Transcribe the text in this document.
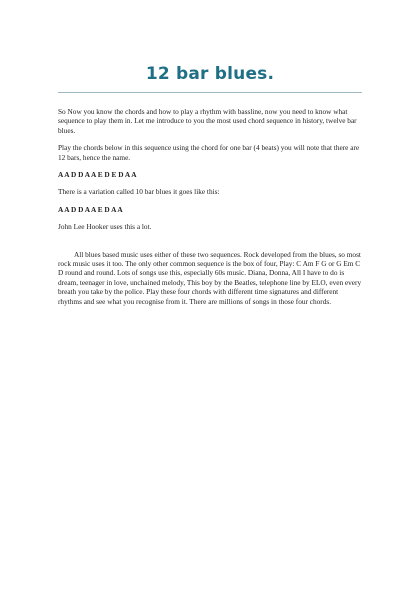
12 bar blues.

So Now you know the chords and how to play a rhythm with bassline, now you need to know what sequence to play them in. Let me introduce to you the most used chord sequence in history, twelve bar blues.

Play the chords below in this sequence using the chord for one bar (4 beats) you will note that there are 12 bars, hence the name.

A A D D A A E D E D A A

There is a variation called 10 bar blues it goes like this:

A A D D A A E D A A

John Lee Hooker uses this a lot.

All blues based music uses either of these two sequences. Rock developed from the blues, so most rock music uses it too. The only other common sequence is the box of four, Play: C Am F G or G Em C D round and round. Lots of songs use this, especially 60s music. Diana, Donna, All I have to do is dream, teenager in love, unchained melody, This boy by the Beatles, telephone line by ELO, even every breath you take by the police. Play these four chords with different time signatures and different rhythms and see what you recognise from it. There are millions of songs in those four chords.
